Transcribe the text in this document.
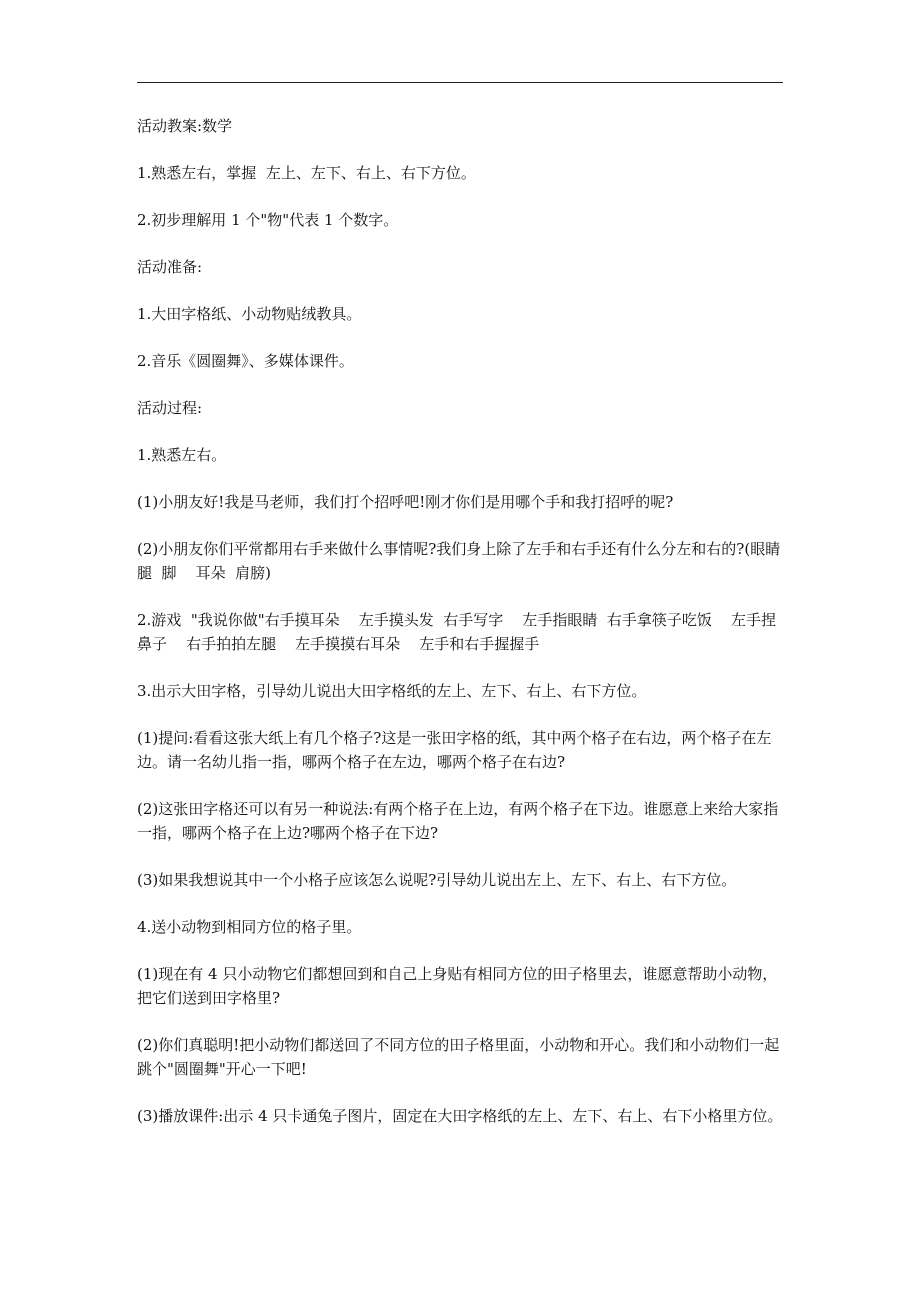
活动教案:数学

1.熟悉左右，掌握  左上、左下、右上、右下方位。

2.初步理解用 1 个"物"代表 1 个数字。

活动准备:

1.大田字格纸、小动物贴绒教具。

2.音乐《圆圈舞》、多媒体课件。

活动过程:

1.熟悉左右。

(1)小朋友好!我是马老师，我们打个招呼吧!刚才你们是用哪个手和我打招呼的呢?

(2)小朋友你们平常都用右手来做什么事情呢?我们身上除了左手和右手还有什么分左和右的?(眼睛    腿  脚    耳朵  肩膀)

2.游戏  "我说你做"右手摸耳朵    左手摸头发  右手写字    左手指眼睛  右手拿筷子吃饭    左手捏鼻子    右手拍拍左腿    左手摸摸右耳朵    左手和右手握握手

3.出示大田字格，引导幼儿说出大田字格纸的左上、左下、右上、右下方位。

(1)提问:看看这张大纸上有几个格子?这是一张田字格的纸，其中两个格子在右边，两个格子在左边。请一名幼儿指一指，哪两个格子在左边，哪两个格子在右边?

(2)这张田字格还可以有另一种说法:有两个格子在上边，有两个格子在下边。谁愿意上来给大家指一指，哪两个格子在上边?哪两个格子在下边?

(3)如果我想说其中一个小格子应该怎么说呢?引导幼儿说出左上、左下、右上、右下方位。

4.送小动物到相同方位的格子里。

(1)现在有 4 只小动物它们都想回到和自己上身贴有相同方位的田子格里去，谁愿意帮助小动物，把它们送到田字格里?

(2)你们真聪明!把小动物们都送回了不同方位的田子格里面，小动物和开心。我们和小动物们一起跳个"圆圈舞"开心一下吧!

(3)播放课件:出示 4 只卡通兔子图片，固定在大田字格纸的左上、左下、右上、右下小格里方位。
